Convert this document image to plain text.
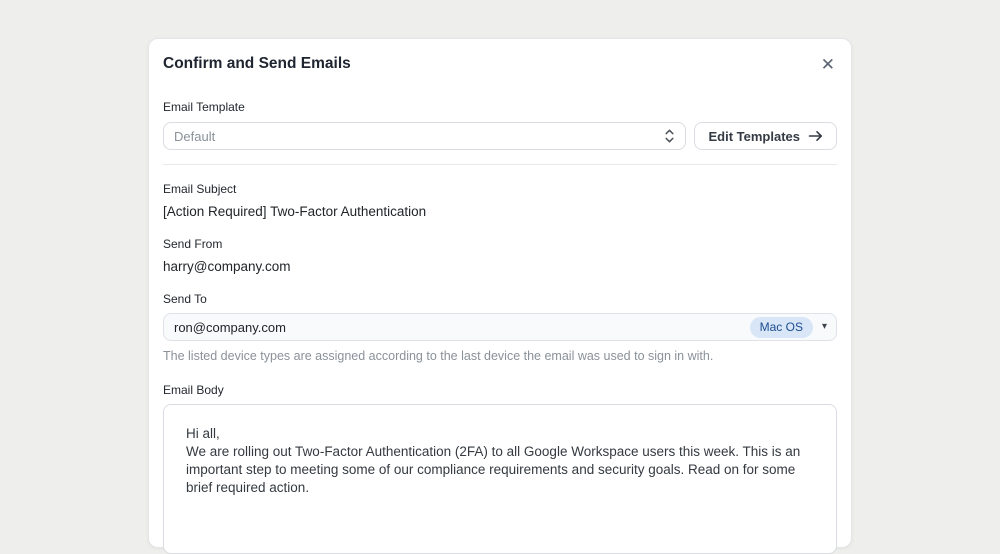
Confirm and Send Emails	✕
Email Template
Default	Edit Templates
Email Subject
[Action Required] Two-Factor Authentication
Send From
harry@company.com
Send To
ron@company.com	Mac OS	▾
The listed device types are assigned according to the last device the email was used to sign in with.
Email Body

Hi all,

We are rolling out Two-Factor Authentication (2FA) to all Google Workspace users this week. This is an important step to meeting some of our compliance requirements and security goals. Read on for some brief required action.
